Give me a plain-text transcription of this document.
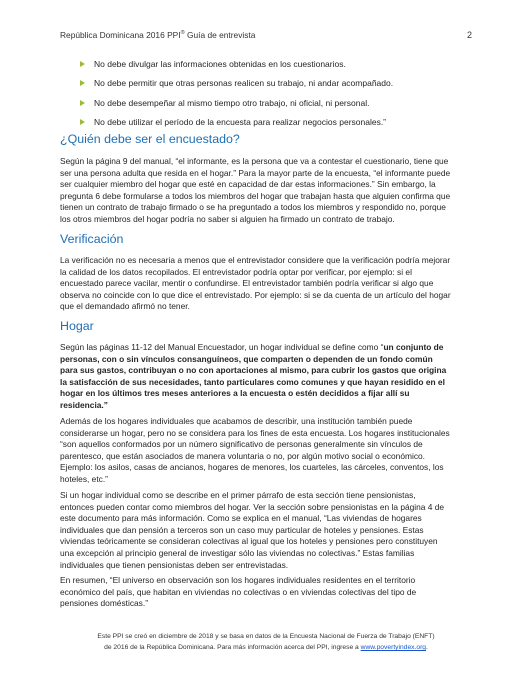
República Dominicana 2016 PPI® Guía de entrevista	2
No debe divulgar las informaciones obtenidas en los cuestionarios.
No debe permitir que otras personas realicen su trabajo, ni andar acompañado.
No debe desempeñar al mismo tiempo otro trabajo, ni oficial, ni personal.
No debe utilizar el período de la encuesta para realizar negocios personales.”
¿Quién debe ser el encuestado?

Según la página 9 del manual, “el informante, es la persona que va a contestar el cuestionario, tiene que
ser una persona adulta que resida en el hogar.” Para la mayor parte de la encuesta, “el informante puede
ser cualquier miembro del hogar que esté en capacidad de dar estas informaciones.” Sin embargo, la
pregunta 6 debe formularse a todos los miembros del hogar que trabajan hasta que alguien confirma que
tienen un contrato de trabajo firmado o se ha preguntado a todos los miembros y respondido no, porque
los otros miembros del hogar podría no saber si alguien ha firmado un contrato de trabajo.

Verificación

La verificación no es necesaria a menos que el entrevistador considere que la verificación podría mejorar
la calidad de los datos recopilados. El entrevistador podría optar por verificar, por ejemplo: si el
encuestado parece vacilar, mentir o confundirse. El entrevistador también podría verificar si algo que
observa no coincide con lo que dice el entrevistado. Por ejemplo: si se da cuenta de un artículo del hogar
que el demandado afirmó no tener.

Hogar

Según las páginas 11-12 del Manual Encuestador, un hogar individual se define como “un conjunto de
personas, con o sin vínculos consanguíneos, que comparten o dependen de un fondo común
para sus gastos, contribuyan o no con aportaciones al mismo, para cubrir los gastos que origina
la satisfacción de sus necesidades, tanto particulares como comunes y que hayan residido en el
hogar en los últimos tres meses anteriores a la encuesta o estén decididos a fijar allí su
residencia.”

Además de los hogares individuales que acabamos de describir, una institución también puede
considerarse un hogar, pero no se considera para los fines de esta encuesta. Los hogares institucionales
“son aquellos conformados por un número significativo de personas generalmente sin vínculos de
parentesco, que están asociados de manera voluntaria o no, por algún motivo social o económico.
Ejemplo: los asilos, casas de ancianos, hogares de menores, los cuarteles, las cárceles, conventos, los
hoteles, etc.”

Si un hogar individual como se describe en el primer párrafo de esta sección tiene pensionistas,
entonces pueden contar como miembros del hogar. Ver la sección sobre pensionistas en la página 4 de
este documento para más información. Como se explica en el manual, “Las viviendas de hogares
individuales que dan pensión a terceros son un caso muy particular de hoteles y pensiones. Estas
viviendas teóricamente se consideran colectivas al igual que los hoteles y pensiones pero constituyen
una excepción al principio general de investigar sólo las viviendas no colectivas.” Estas familias
individuales que tienen pensionistas deben ser entrevistadas.

En resumen, “El universo en observación son los hogares individuales residentes en el territorio
económico del país, que habitan en viviendas no colectivas o en viviendas colectivas del tipo de
pensiones domésticas.”

Este PPI se creó en diciembre de 2018 y se basa en datos de la Encuesta Nacional de Fuerza de Trabajo (ENFT)
de 2016 de la República Dominicana. Para más información acerca del PPI, ingrese a www.povertyindex.org.
